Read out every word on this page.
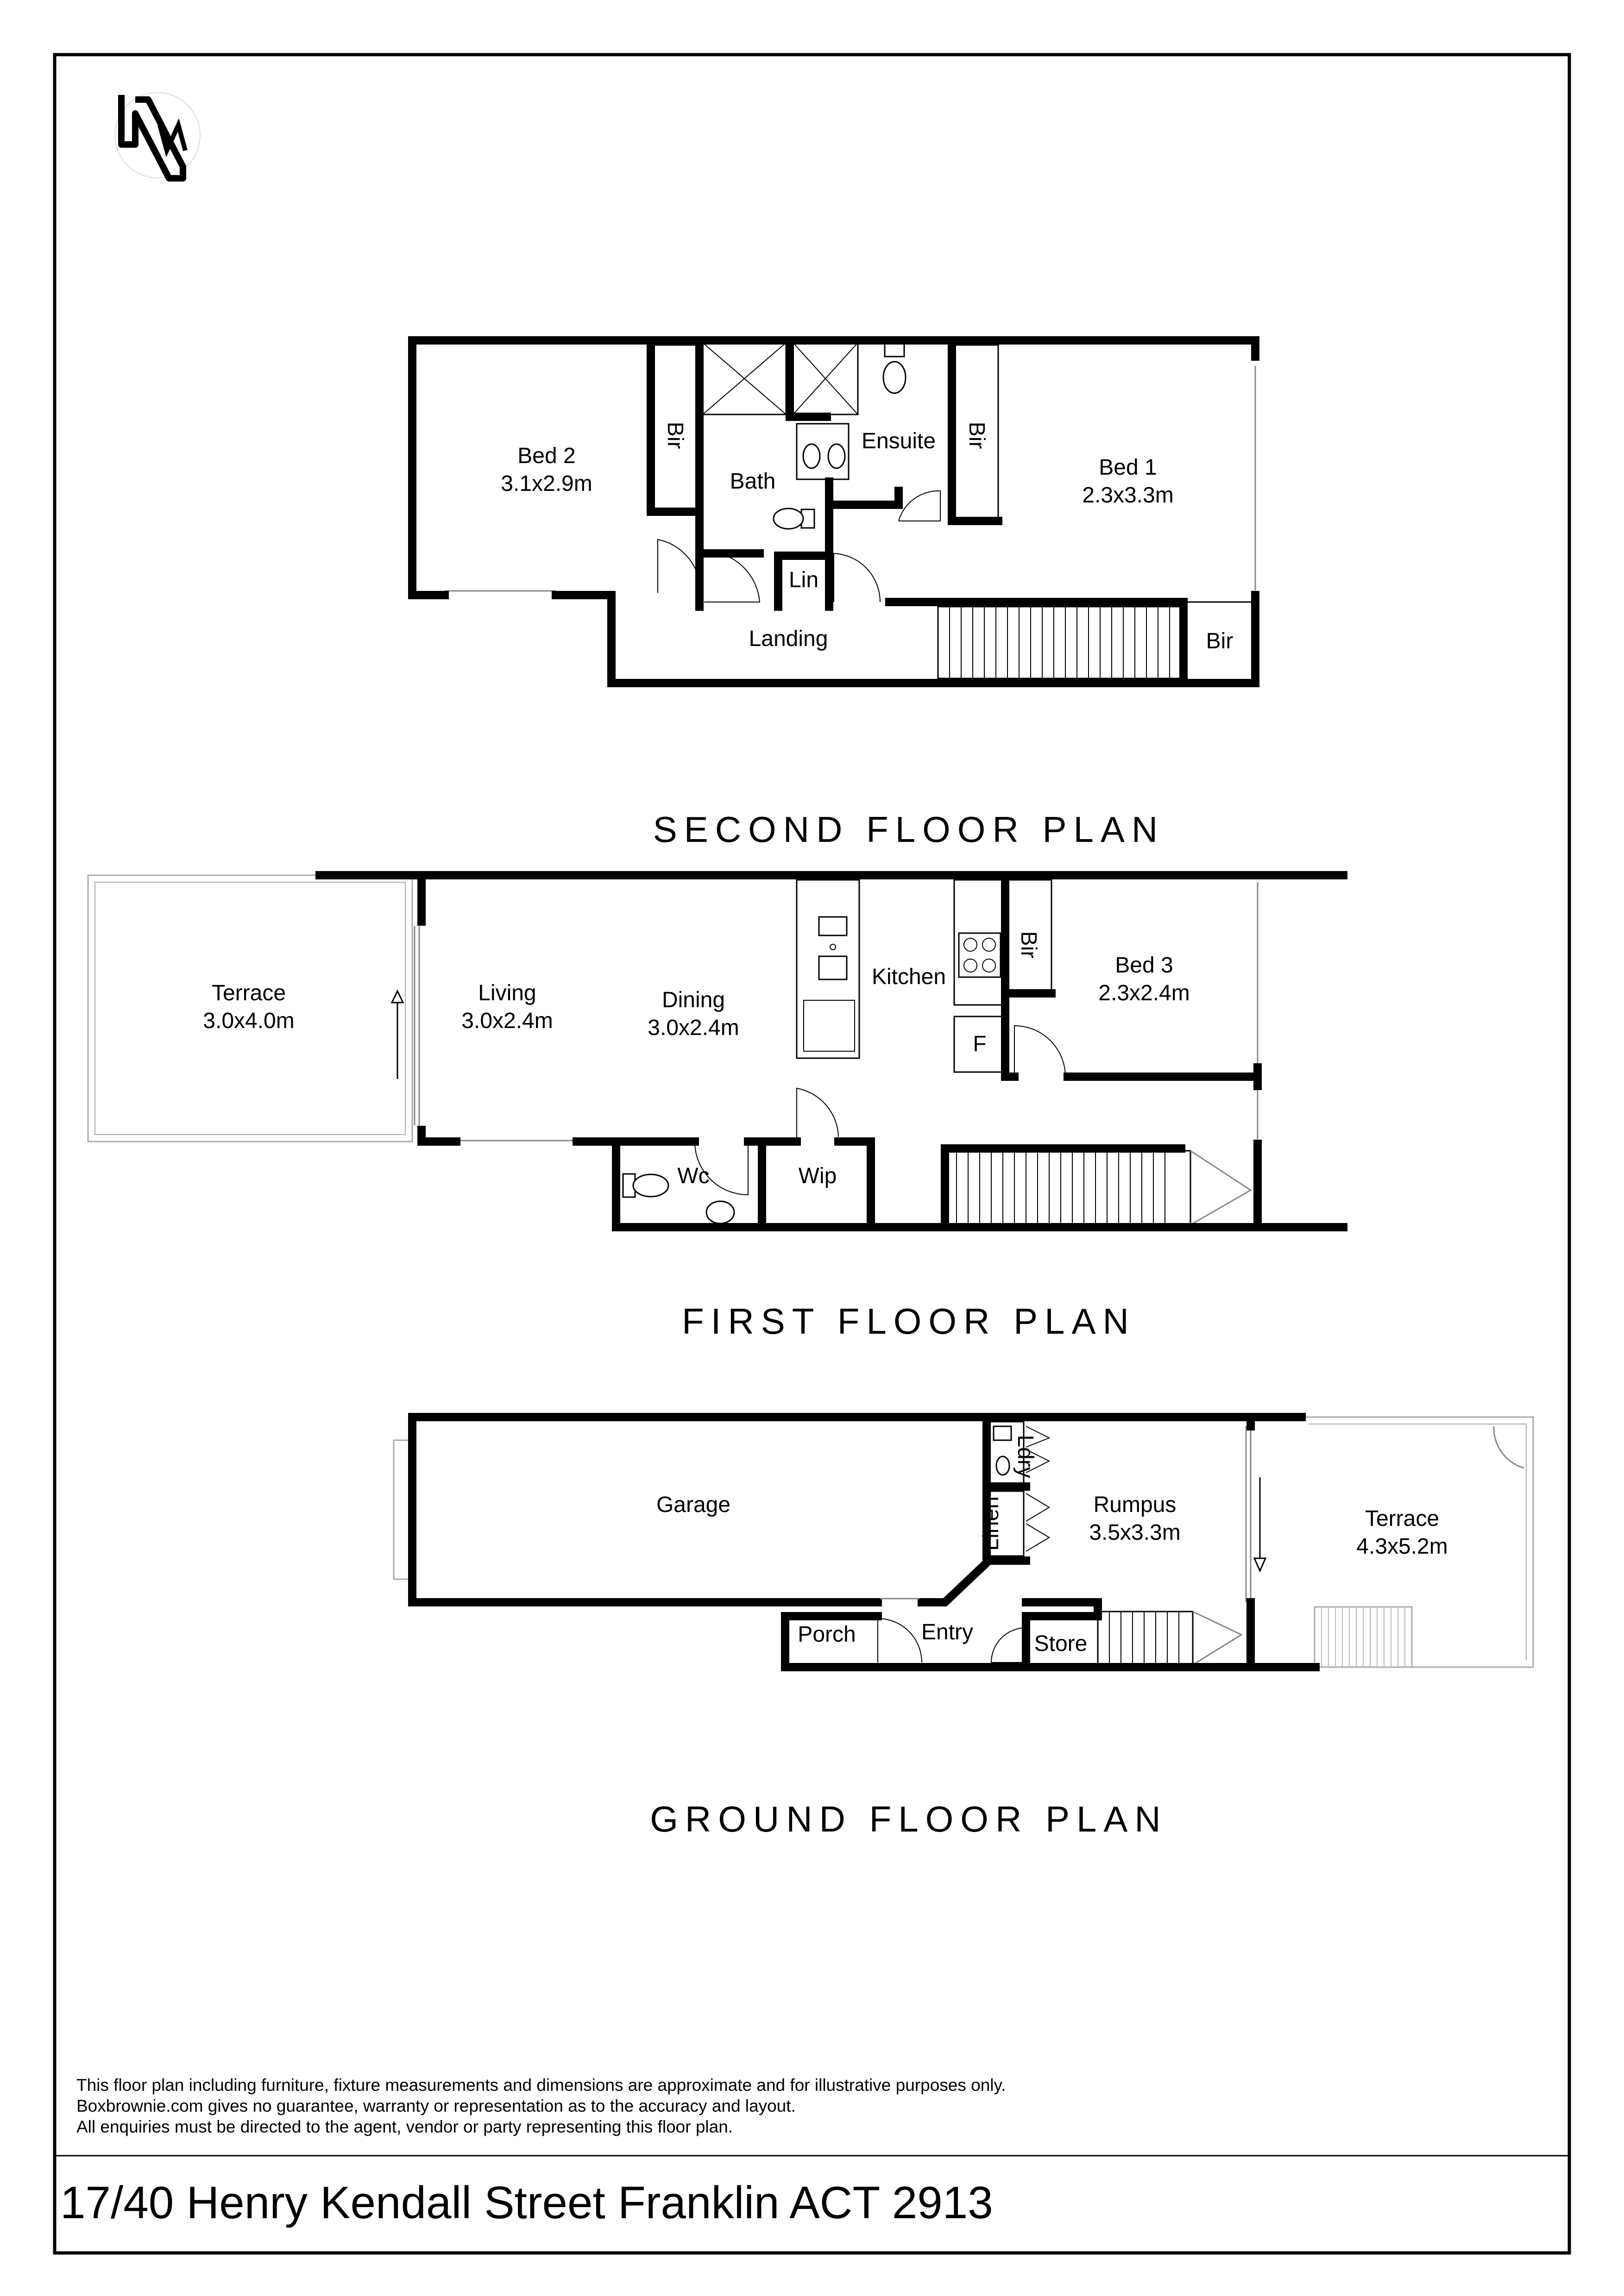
Bed 2
3.1x2.9m
Bir
Bath
Ensuite Bir
Bed 1
2.3x3.3m
Lin
Landing	Bir
SECOND FLOOR PLAN
Terrace
3.0x4.0m
Living
3.0x2.4m
Dining
3.0x2.4m
Kitchen
Bir
Bed 3
2.3x2.4m
F
Wc	Wip
FIRST FLOOR PLAN
Garage
Ldry
Linen	Rumpus
3.5x3.3m
Terrace
4.3x5.2m
Porch	Entry	Store
GROUND FLOOR PLAN
This floor plan including furniture, fixture measurements and dimensions are approximate and for illustrative purposes only.
Boxbrownie.com gives no guarantee, warranty or representation as to the accuracy and layout.
All enquiries must be directed to the agent, vendor or party representing this floor plan.
17/40 Henry Kendall Street Franklin ACT 2913
